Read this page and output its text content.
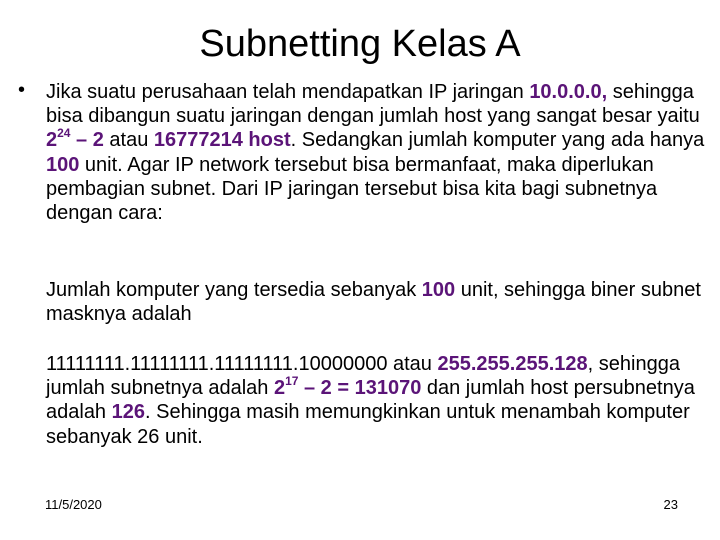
Subnetting Kelas A
• Jika suatu perusahaan telah mendapatkan IP jaringan 10.0.0.0, sehingga bisa dibangun suatu jaringan dengan jumlah host yang sangat besar yaitu $2^{24} - 2$ atau 16777214 host. Sedangkan jumlah komputer yang ada hanya 100 unit. Agar IP network tersebut bisa bermanfaat, maka diperlukan pembagian subnet. Dari IP jaringan tersebut bisa kita bagi subnetnya dengan cara:
Jumlah komputer yang tersedia sebanyak 100 unit, sehingga biner subnet masknya adalah
11111111.11111111.11111111.10000000 atau 255.255.255.128, sehingga jumlah subnetnya adalah $2^{17} - 2 = 131070$ dan jumlah host persubnetnya adalah 126. Sehingga masih memungkinkan untuk menambah komputer sebanyak 26 unit.
11/5/2020	23
